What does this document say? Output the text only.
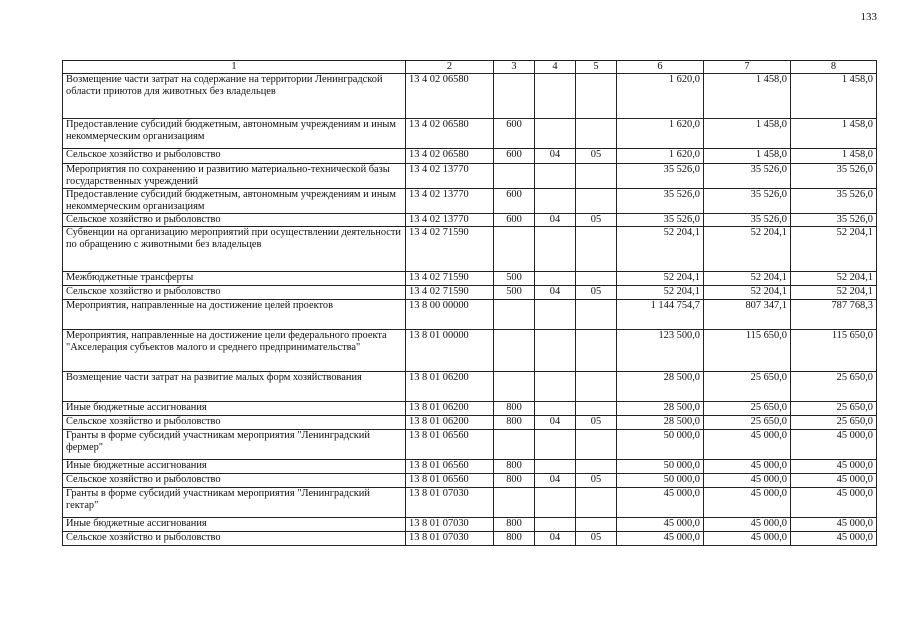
133
1	2	3	4	5	6	7	8
Возмещение части затрат на содержание на территории Ленинградской области приютов для животных без владельцев	13 4 02 06580				1 620,0	1 458,0	1 458,0
Предоставление субсидий бюджетным, автономным учреждениям и иным некоммерческим организациям	13 4 02 06580	600			1 620,0	1 458,0	1 458,0
Сельское хозяйство и рыболовство	13 4 02 06580	600	04	05	1 620,0	1 458,0	1 458,0
Мероприятия по сохранению и развитию материально-технической базы государственных учреждений	13 4 02 13770				35 526,0	35 526,0	35 526,0
Предоставление субсидий бюджетным, автономным учреждениям и иным некоммерческим организациям	13 4 02 13770	600			35 526,0	35 526,0	35 526,0
Сельское хозяйство и рыболовство	13 4 02 13770	600	04	05	35 526,0	35 526,0	35 526,0
Субвенции на организацию мероприятий при осуществлении деятельности по обращению с животными без владельцев	13 4 02 71590				52 204,1	52 204,1	52 204,1
Межбюджетные трансферты	13 4 02 71590	500			52 204,1	52 204,1	52 204,1
Сельское хозяйство и рыболовство	13 4 02 71590	500	04	05	52 204,1	52 204,1	52 204,1
Мероприятия, направленные на достижение целей проектов	13 8 00 00000				1 144 754,7	807 347,1	787 768,3
Мероприятия, направленные на достижение цели федерального проекта "Акселерация субъектов малого и среднего предпринимательства"	13 8 01 00000				123 500,0	115 650,0	115 650,0
Возмещение части затрат на развитие малых форм хозяйствования	13 8 01 06200				28 500,0	25 650,0	25 650,0
Иные бюджетные ассигнования	13 8 01 06200	800			28 500,0	25 650,0	25 650,0
Сельское хозяйство и рыболовство	13 8 01 06200	800	04	05	28 500,0	25 650,0	25 650,0
Гранты в форме субсидий участникам мероприятия "Ленинградский фермер"	13 8 01 06560				50 000,0	45 000,0	45 000,0
Иные бюджетные ассигнования	13 8 01 06560	800			50 000,0	45 000,0	45 000,0
Сельское хозяйство и рыболовство	13 8 01 06560	800	04	05	50 000,0	45 000,0	45 000,0
Гранты в форме субсидий участникам мероприятия "Ленинградский гектар"	13 8 01 07030				45 000,0	45 000,0	45 000,0
Иные бюджетные ассигнования	13 8 01 07030	800			45 000,0	45 000,0	45 000,0
Сельское хозяйство и рыболовство	13 8 01 07030	800	04	05	45 000,0	45 000,0	45 000,0
